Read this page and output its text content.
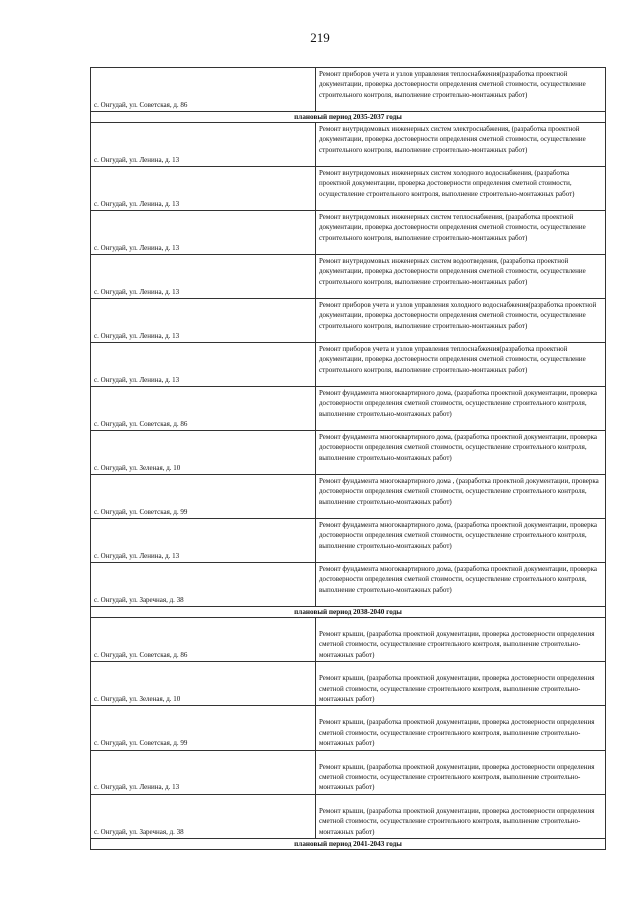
219
с. Онгудай, ул. Советская, д. 86	Ремонт приборов учета и узлов управления теплоснабжения(разработка проектной документации, проверка достоверности определения сметной стоимости, осуществление строительного контроля, выполнение строительно-монтажных работ)
плановый период 2035-2037 годы	
с. Онгудай, ул. Ленина, д. 13	Ремонт внутридомовых инженерных систем электроснабжения, (разработка проектной документации, проверка достоверности определения сметной стоимости, осуществление строительного контроля, выполнение строительно-монтажных работ)
с. Онгудай, ул. Ленина, д. 13	Ремонт внутридомовых инженерных систем холодного водоснабжения, (разработка проектной документации, проверка достоверности определения сметной стоимости, осуществление строительного контроля, выполнение строительно-монтажных работ)
с. Онгудай, ул. Ленина, д. 13	Ремонт внутридомовых инженерных систем теплоснабжения, (разработка проектной документации, проверка достоверности определения сметной стоимости, осуществление строительного контроля, выполнение строительно-монтажных работ)
с. Онгудай, ул. Ленина, д. 13	Ремонт внутридомовых инженерных систем водоотведения, (разработка проектной документации, проверка достоверности определения сметной стоимости, осуществление строительного контроля, выполнение строительно-монтажных работ)
с. Онгудай, ул. Ленина, д. 13	Ремонт приборов учета и узлов управления холодного водоснабжения(разработка проектной документации, проверка достоверности определения сметной стоимости, осуществление строительного контроля, выполнение строительно-монтажных работ)
с. Онгудай, ул. Ленина, д. 13	Ремонт приборов учета и узлов управления теплоснабжения(разработка проектной документации, проверка достоверности определения сметной стоимости, осуществление строительного контроля, выполнение строительно-монтажных работ)
с. Онгудай, ул. Советская, д. 86	Ремонт фундамента многоквартирного дома, (разработка проектной документации, проверка достоверности определения сметной стоимости, осуществление строительного контроля, выполнение строительно-монтажных работ)
с. Онгудай, ул. Зеленая, д. 10	Ремонт фундамента многоквартирного дома, (разработка проектной документации, проверка достоверности определения сметной стоимости, осуществление строительного контроля, выполнение строительно-монтажных работ)
с. Онгудай, ул. Советская, д. 99	Ремонт фундамента многоквартирного дома , (разработка проектной документации, проверка достоверности определения сметной стоимости, осуществление строительного контроля, выполнение строительно-монтажных работ)
с. Онгудай, ул. Ленина, д. 13	Ремонт фундамента многоквартирного дома, (разработка проектной документации, проверка достоверности определения сметной стоимости, осуществление строительного контроля, выполнение строительно-монтажных работ)
с. Онгудай, ул. Заречная, д. 38	Ремонт фундамента многоквартирного дома, (разработка проектной документации, проверка достоверности определения сметной стоимости, осуществление строительного контроля, выполнение строительно-монтажных работ)
плановый период 2038-2040 годы	
с. Онгудай, ул. Советская, д. 86	Ремонт крыши, (разработка проектной документации, проверка достоверности определения сметной стоимости, осуществление строительного контроля, выполнение строительно-монтажных работ)

с. Онгудай, ул. Зеленая, д. 10	Ремонт крыши, (разработка проектной документации, проверка достоверности определения сметной стоимости, осуществление строительного контроля, выполнение строительно-монтажных работ)

с. Онгудай, ул. Советская, д. 99	Ремонт крыши, (разработка проектной документации, проверка достоверности определения сметной стоимости, осуществление строительного контроля, выполнение строительно-монтажных работ)

с. Онгудай, ул. Ленина, д. 13	Ремонт крыши, (разработка проектной документации, проверка достоверности определения сметной стоимости, осуществление строительного контроля, выполнение строительно-монтажных работ)

с. Онгудай, ул. Заречная, д. 38	Ремонт крыши, (разработка проектной документации, проверка достоверности определения сметной стоимости, осуществление строительного контроля, выполнение строительно-монтажных работ)

плановый период 2041-2043 годы	
